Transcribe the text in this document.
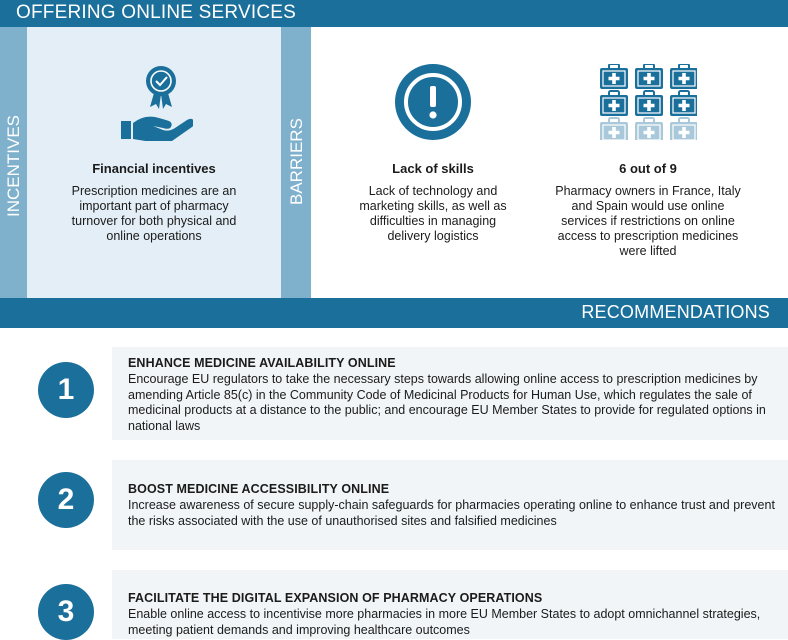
OFFERING ONLINE SERVICES
INCENTIVES	Financial incentives
Prescription medicines are an important part of pharmacy turnover for both physical and online operations
BARRIERS	Lack of skills
Lack of technology and marketing skills, as well as difficulties in managing delivery logistics
6 out of 9
Pharmacy owners in France, Italy and Spain would use online services if restrictions on online access to prescription medicines were lifted
RECOMMENDATIONS
1
ENHANCE MEDICINE AVAILABILITY ONLINE
Encourage EU regulators to take the necessary steps towards allowing online access to prescription medicines by amending Article 85(c) in the Community Code of Medicinal Products for Human Use, which regulates the sale of medicinal products at a distance to the public; and encourage EU Member States to provide for regulated options in national laws
2	BOOST MEDICINE ACCESSIBILITY ONLINE
Increase awareness of secure supply-chain safeguards for pharmacies operating online to enhance trust and prevent the risks associated with the use of unauthorised sites and falsified medicines
3	FACILITATE THE DIGITAL EXPANSION OF PHARMACY OPERATIONS
Enable online access to incentivise more pharmacies in more EU Member States to adopt omnichannel strategies, meeting patient demands and improving healthcare outcomes
